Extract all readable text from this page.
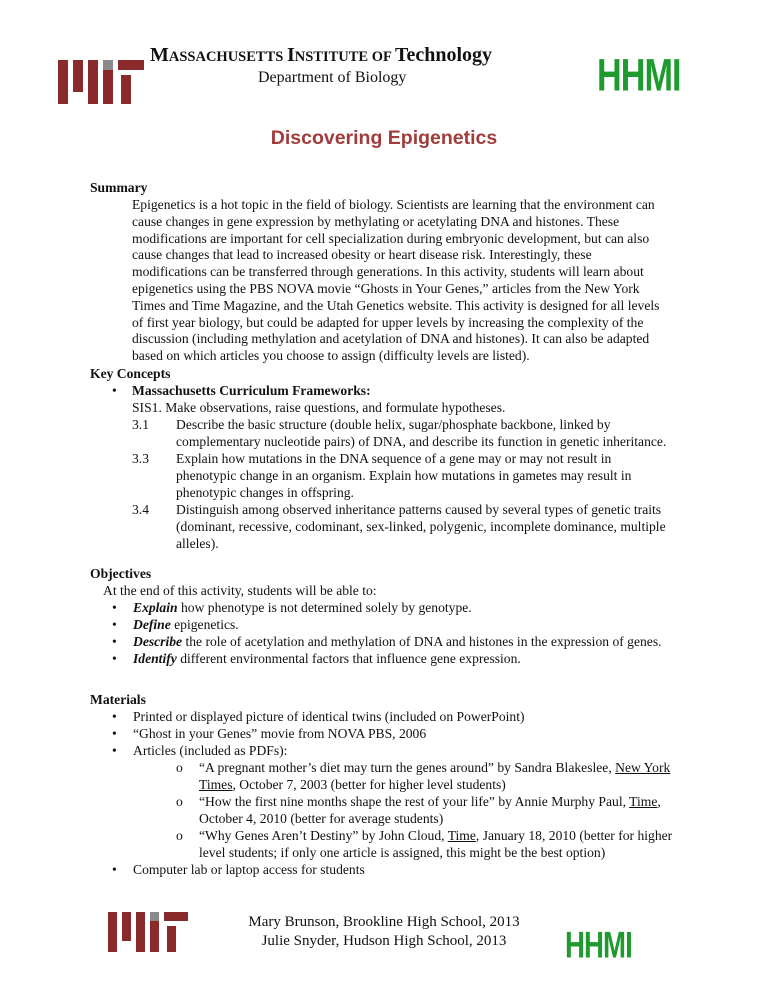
MASSACHUSETTS INSTITUTE OF Technology
Department of Biology	HHMI
Discovering Epigenetics
Summary
Epigenetics is a hot topic in the field of biology. Scientists are learning that the environment can
cause changes in gene expression by methylating or acetylating DNA and histones. These
modifications are important for cell specialization during embryonic development, but can also
cause changes that lead to increased obesity or heart disease risk. Interestingly, these
modifications can be transferred through generations. In this activity, students will learn about
epigenetics using the PBS NOVA movie “Ghosts in Your Genes,” articles from the New York
Times and Time Magazine, and the Utah Genetics website. This activity is designed for all levels
of first year biology, but could be adapted for upper levels by increasing the complexity of the
discussion (including methylation and acetylation of DNA and histones). It can also be adapted
based on which articles you choose to assign (difficulty levels are listed).
Key Concepts
• Massachusetts Curriculum Frameworks:
SIS1. Make observations, raise questions, and formulate hypotheses.
3.1 Describe the basic structure (double helix, sugar/phosphate backbone, linked by
complementary nucleotide pairs) of DNA, and describe its function in genetic inheritance.
3.3 Explain how mutations in the DNA sequence of a gene may or may not result in
phenotypic change in an organism. Explain how mutations in gametes may result in
phenotypic changes in offspring.
3.4 Distinguish among observed inheritance patterns caused by several types of genetic traits
(dominant, recessive, codominant, sex-linked, polygenic, incomplete dominance, multiple
alleles).
Objectives
At the end of this activity, students will be able to:
• Explain how phenotype is not determined solely by genotype.
• Define epigenetics.
• Describe the role of acetylation and methylation of DNA and histones in the expression of genes.
• Identify different environmental factors that influence gene expression.
Materials
• Printed or displayed picture of identical twins (included on PowerPoint)
• “Ghost in your Genes” movie from NOVA PBS, 2006
• Articles (included as PDFs):
o “A pregnant mother’s diet may turn the genes around” by Sandra Blakeslee, New York
Times, October 7, 2003 (better for higher level students)
o “How the first nine months shape the rest of your life” by Annie Murphy Paul, Time,
October 4, 2010 (better for average students)
o “Why Genes Aren’t Destiny” by John Cloud, Time, January 18, 2010 (better for higher
level students; if only one article is assigned, this might be the best option)
• Computer lab or laptop access for students
Mary Brunson, Brookline High School, 2013
Julie Snyder, Hudson High School, 2013	HHMI
